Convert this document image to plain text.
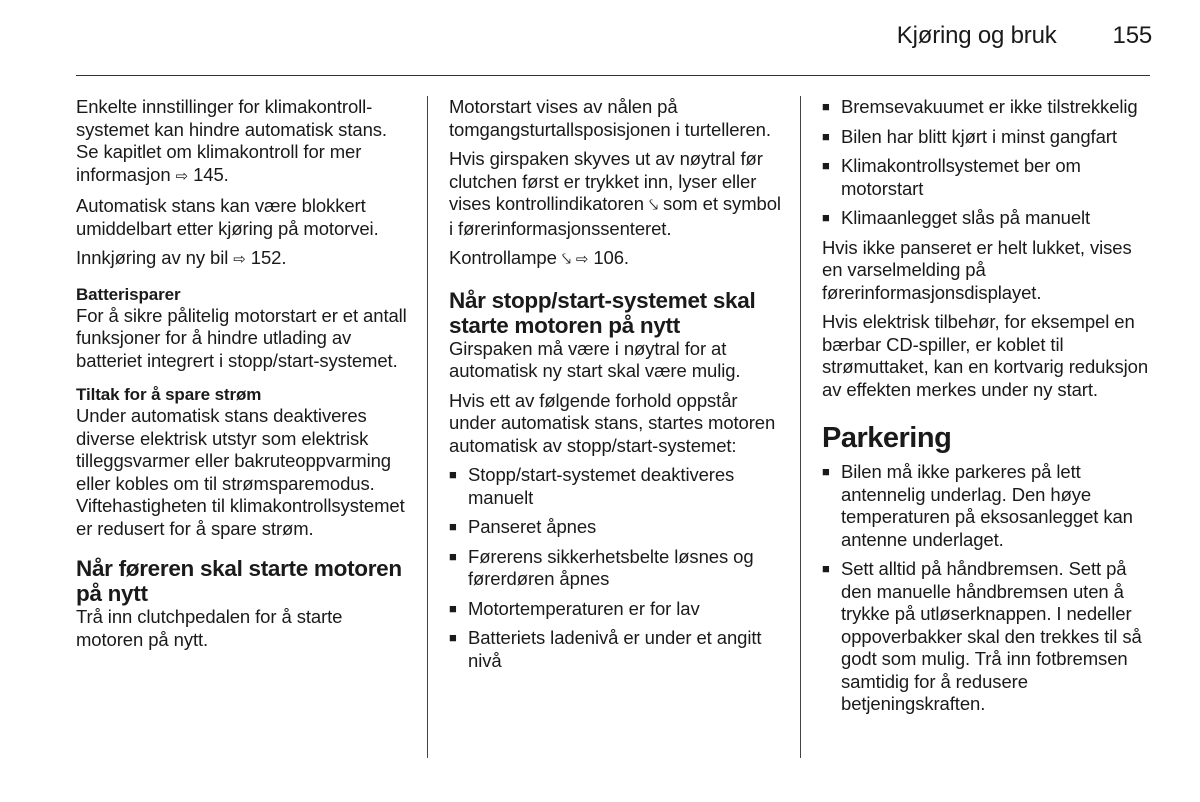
Kjøring og bruk 155

Enkelte innstillinger for klimakontroll-systemet kan hindre automatisk stans. Se kapitlet om klimakontroll for mer informasjon ⇨ 145.

Automatisk stans kan være blokkert umiddelbart etter kjøring på motorvei.

Innkjøring av ny bil ⇨ 152.

Batterisparer

For å sikre pålitelig motorstart er et antall funksjoner for å hindre utlading av batteriet integrert i stopp/start-systemet.

Tiltak for å spare strøm

Under automatisk stans deaktiveres diverse elektrisk utstyr som elektrisk tilleggsvarmer eller bakruteoppvarming eller kobles om til strømsparemodus. Viftehastigheten til klimakontrollsystemet er redusert for å spare strøm.

Når føreren skal starte motoren på nytt

Trå inn clutchpedalen for å starte motoren på nytt.

Motorstart vises av nålen på tomgangsturtallsposisjonen i turtelleren.

Hvis girspaken skyves ut av nøytral før clutchen først er trykket inn, lyser eller vises kontrollindikatoren ⤥ som et symbol i førerinformasjonssenteret.

Kontrollampe ⤥ ⇨ 106.

Når stopp/start-systemet skal starte motoren på nytt

Girspaken må være i nøytral for at automatisk ny start skal være mulig.

Hvis ett av følgende forhold oppstår under automatisk stans, startes motoren automatisk av stopp/start-systemet:

■ Stopp/start-systemet deaktiveres manuelt
■ Panseret åpnes
■ Førerens sikkerhetsbelte løsnes og førerdøren åpnes
■ Motortemperaturen er for lav
■ Batteriets ladenivå er under et angitt nivå
■ Bremsevakuumet er ikke tilstrekkelig
■ Bilen har blitt kjørt i minst gangfart
■ Klimakontrollsystemet ber om motorstart
■ Klimaanlegget slås på manuelt

Hvis ikke panseret er helt lukket, vises en varselmelding på førerinformasjonsdisplayet.

Hvis elektrisk tilbehør, for eksempel en bærbar CD-spiller, er koblet til strømuttaket, kan en kortvarig reduksjon av effekten merkes under ny start.

Parkering

■ Bilen må ikke parkeres på lett antennelig underlag. Den høye temperaturen på eksosanlegget kan antenne underlaget.
■ Sett alltid på håndbremsen. Sett på den manuelle håndbremsen uten å trykke på utløserknappen. I nedeller oppoverbakker skal den trekkes til så godt som mulig. Trå inn fotbremsen samtidig for å redusere betjeningskraften.
